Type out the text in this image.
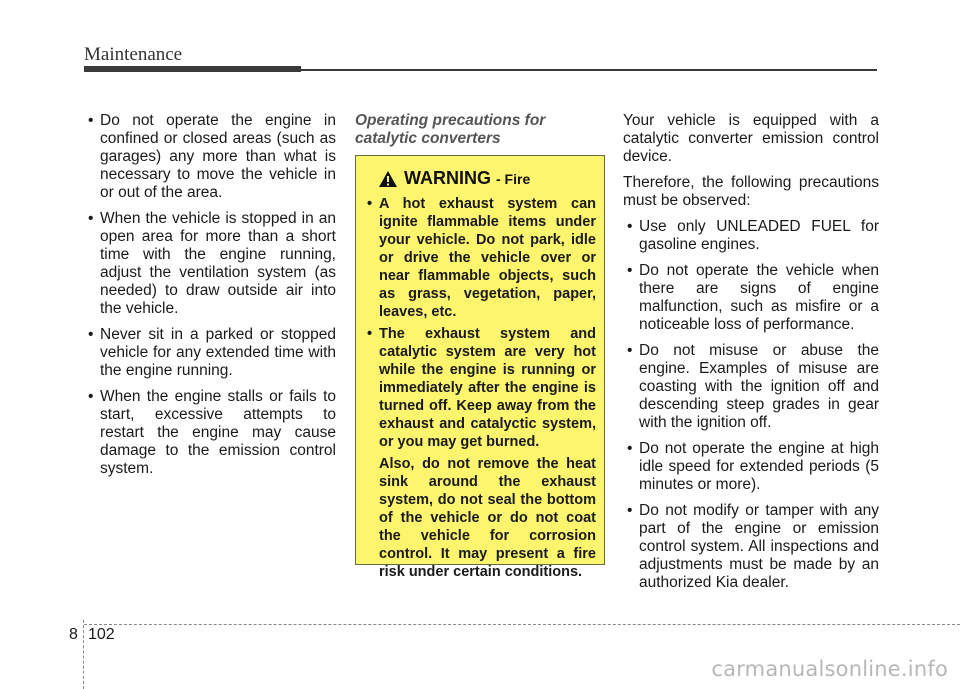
Maintenance
• Do not operate the engine in confined or closed areas (such as garages) any more than what is necessary to move the vehicle in or out of the area.
• When the vehicle is stopped in an open area for more than a short time with the engine running, adjust the ventilation system (as needed) to draw outside air into the vehicle.
• Never sit in a parked or stopped vehicle for any extended time with the engine running.
• When the engine stalls or fails to start, excessive attempts to restart the engine may cause damage to the emission control system.
Operating precautions for catalytic converters
WARNING - Fire
• A hot exhaust system can ignite flammable items under your vehicle. Do not park, idle or drive the vehicle over or near flammable objects, such as grass, vegetation, paper, leaves, etc.
• The exhaust system and catalytic system are very hot while the engine is running or immediately after the engine is turned off. Keep away from the exhaust and catalyctic system, or you may get burned.

Also, do not remove the heat sink around the exhaust system, do not seal the bottom of the vehicle or do not coat the vehicle for corrosion control. It may present a fire risk under certain conditions.

Your vehicle is equipped with a catalytic converter emission control device.

Therefore, the following precautions must be observed:

• Use only UNLEADED FUEL for gasoline engines.
• Do not operate the vehicle when there are signs of engine malfunction, such as misfire or a noticeable loss of performance.
• Do not misuse or abuse the engine. Examples of misuse are coasting with the ignition off and descending steep grades in gear with the ignition off.
• Do not operate the engine at high idle speed for extended periods (5 minutes or more).
• Do not modify or tamper with any part of the engine or emission control system. All inspections and adjustments must be made by an authorized Kia dealer.
8 102
carmanualsonline.info
